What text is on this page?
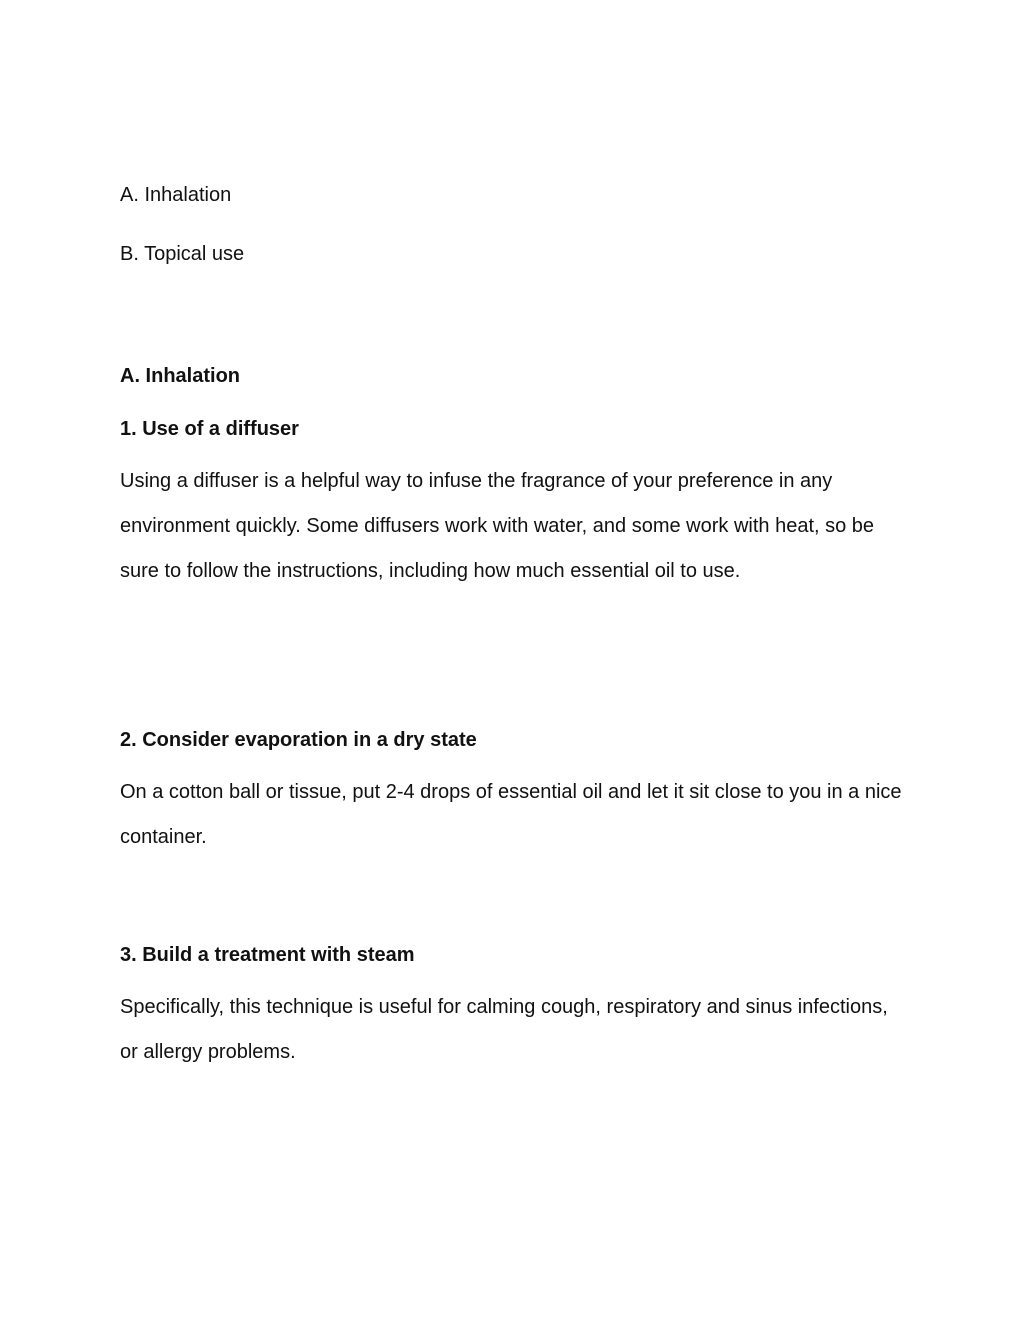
A. Inhalation

B. Topical use

A. Inhalation

1. Use of a diffuser

Using a diffuser is a helpful way to infuse the fragrance of your preference in any environment quickly. Some diffusers work with water, and some work with heat, so be sure to follow the instructions, including how much essential oil to use.

2. Consider evaporation in a dry state

On a cotton ball or tissue, put 2-4 drops of essential oil and let it sit close to you in a nice container.

3. Build a treatment with steam

Specifically, this technique is useful for calming cough, respiratory and sinus infections, or allergy problems.
